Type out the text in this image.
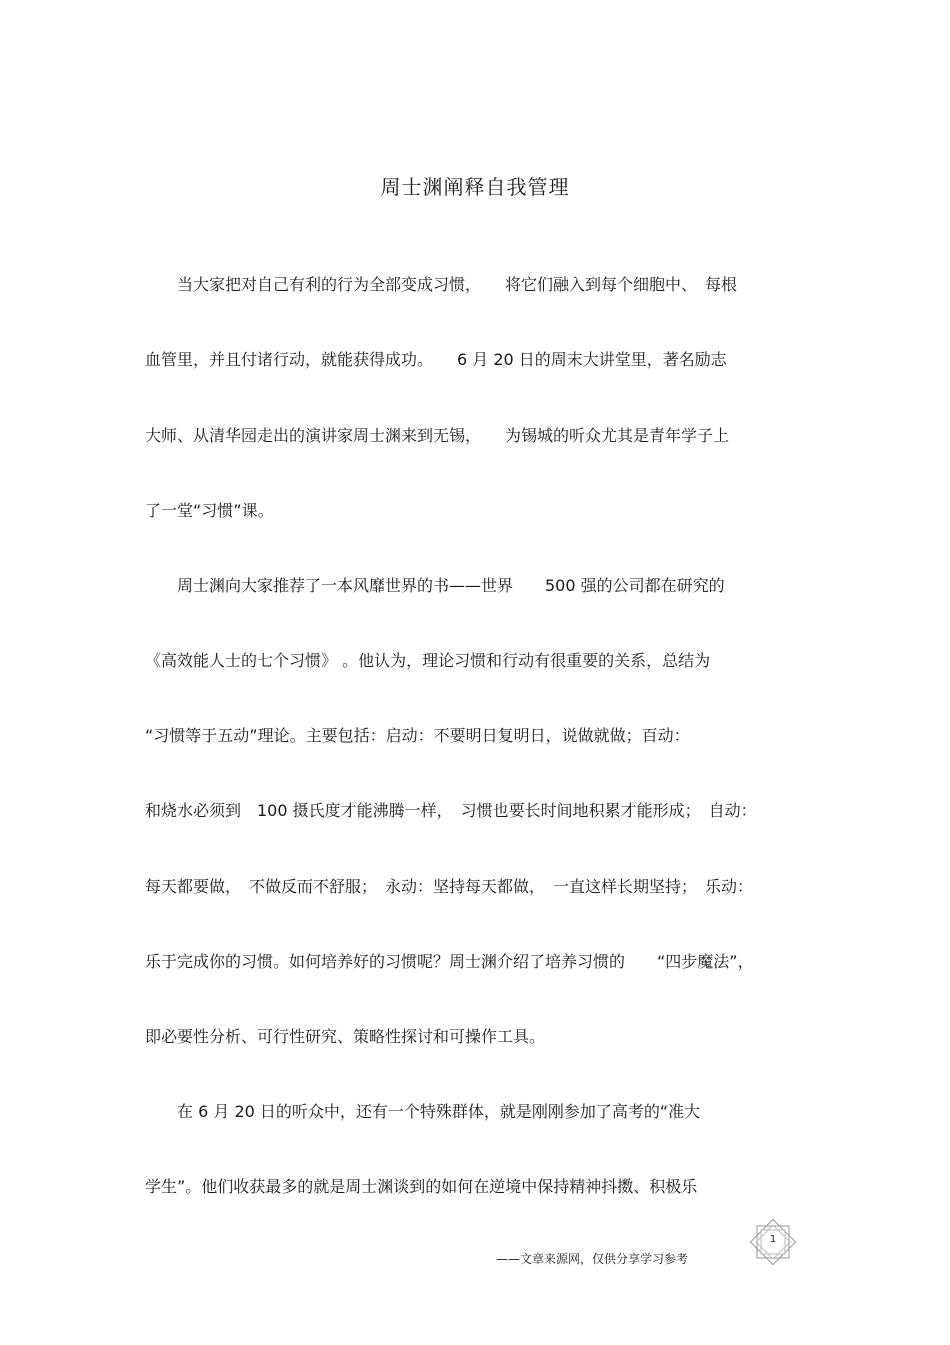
周士渊阐释自我管理
　　当大家把对自己有利的行为全部变成习惯，　　将它们融入到每个细胞中、　每根
血管里，并且付诸行动，就能获得成功。　　6 月 20 日的周末大讲堂里，著名励志
大师、从清华园走出的演讲家周士渊来到无锡，　　为锡城的听众尤其是青年学子上
了一堂“习惯”课。
　　周士渊向大家推荐了一本风靡世界的书——世界　　500 强的公司都在研究的
《高效能人士的七个习惯》 。他认为，理论习惯和行动有很重要的关系，总结为
“习惯等于五动”理论。主要包括：启动：不要明日复明日，说做就做；百动：
和烧水必须到　100 摄氏度才能沸腾一样，　习惯也要长时间地积累才能形成；　自动：
每天都要做，　不做反而不舒服；　永动：坚持每天都做，　一直这样长期坚持；　乐动：
乐于完成你的习惯。如何培养好的习惯呢？周士渊介绍了培养习惯的　　“四步魔法”，
即必要性分析、可行性研究、策略性探讨和可操作工具。
　　在 6 月 20 日的听众中，还有一个特殊群体，就是刚刚参加了高考的“准大
学生”。他们收获最多的就是周士渊谈到的如何在逆境中保持精神抖擞、积极乐
1
——文章来源网，仅供分享学习参考
